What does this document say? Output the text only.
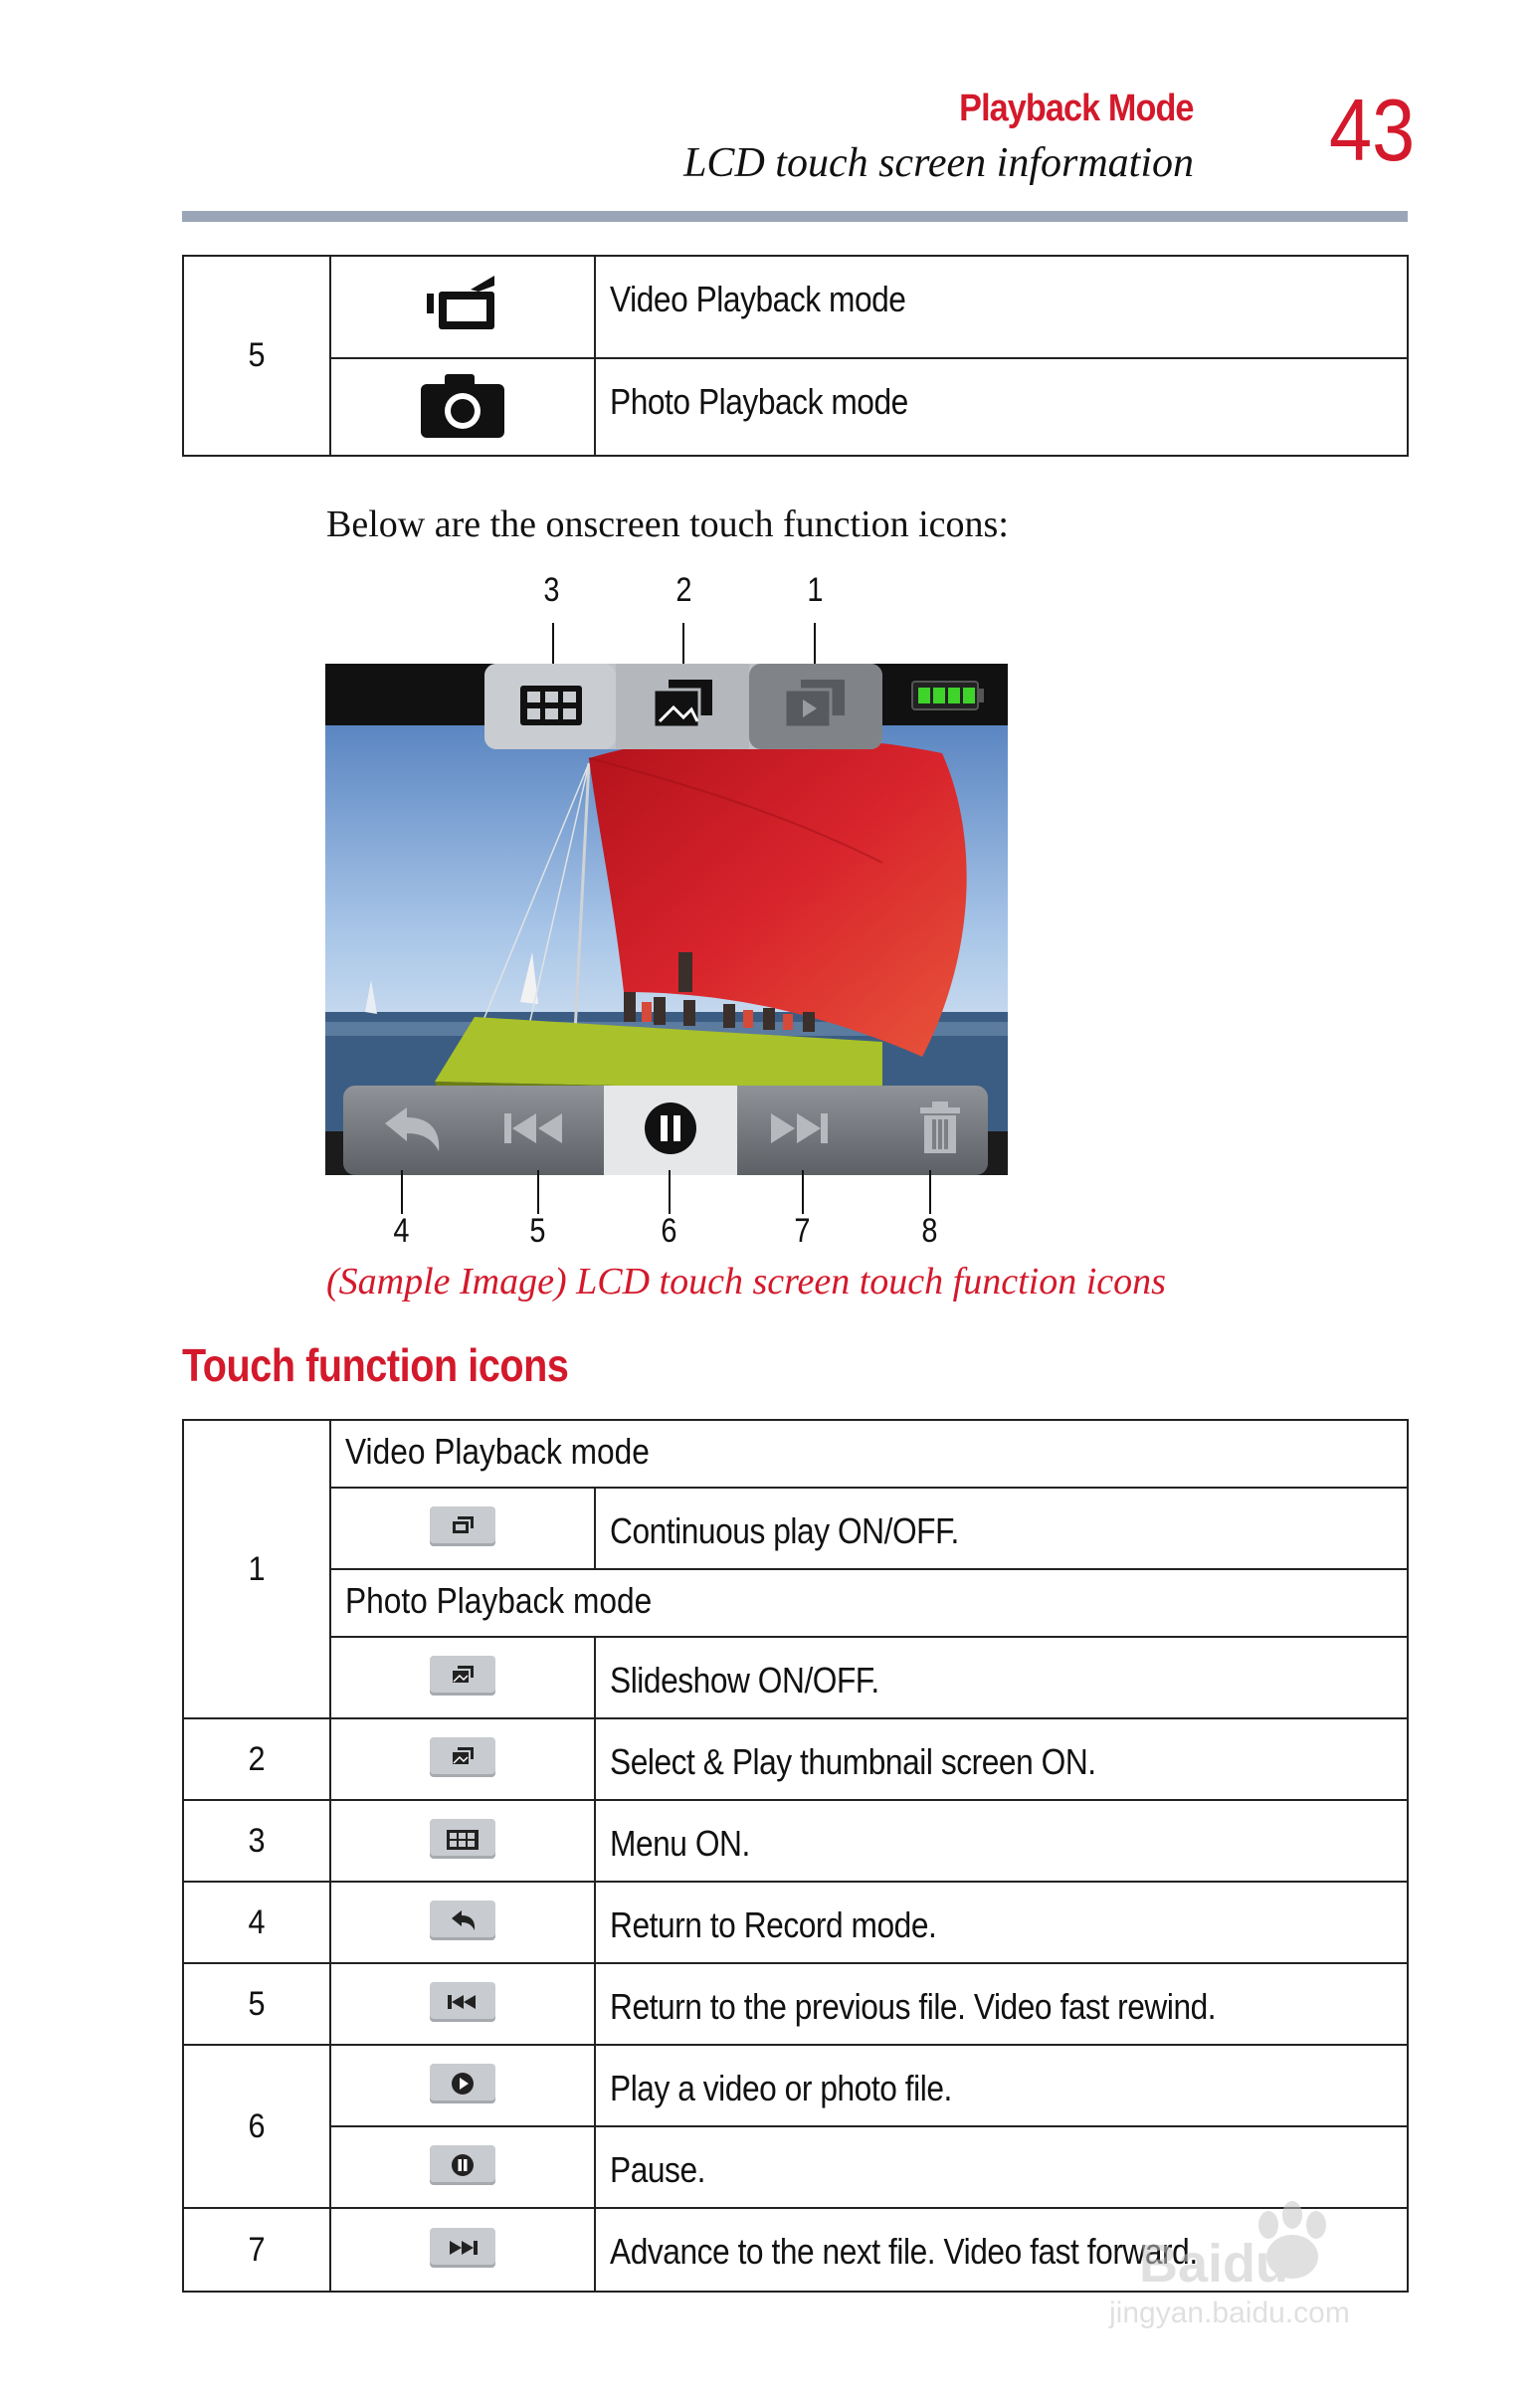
Playback Mode
LCD touch screen information 43
5		Video Playback mode
	Photo Playback mode
Below are the onscreen touch function icons:
3	2	1
4	5	6	7	8
(Sample Image) LCD touch screen touch function icons
Touch function icons
1	Video Playback mode	

	Continuous play ON/OFF.
	Photo Playback mode	

	Slideshow ON/OFF.
2		Select & Play thumbnail screen ON.
3		Menu ON.
4		Return to Record mode.
5		Return to the previous file. Video fast rewind.
6		Play a video or photo file.

	Pause.
7		Advance to the next file. Video fast forward.
Baidu
jingyan.baidu.com
